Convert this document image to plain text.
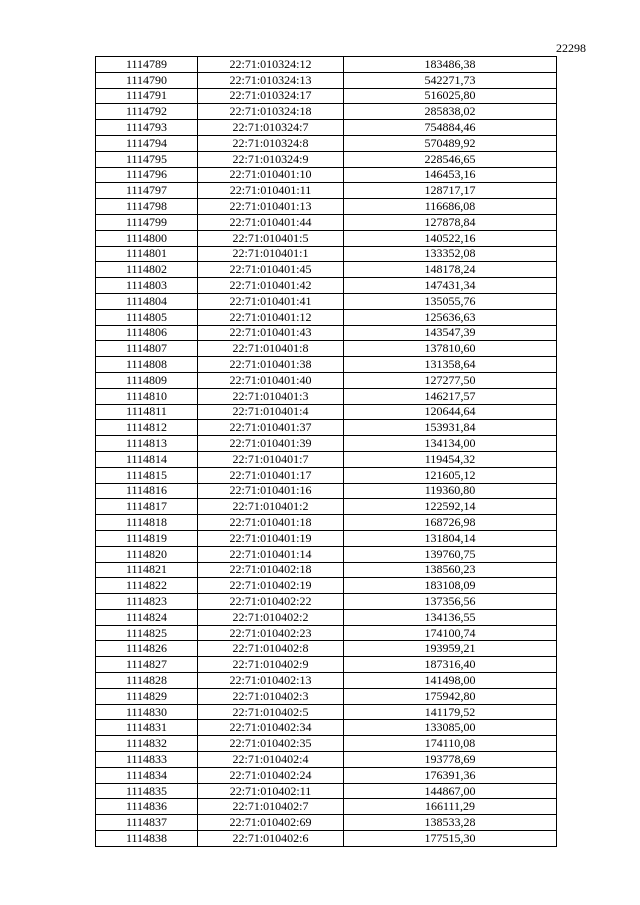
22298
1114789	22:71:010324:12	183486,38
1114790	22:71:010324:13	542271,73
1114791	22:71:010324:17	516025,80
1114792	22:71:010324:18	285838,02
1114793	22:71:010324:7	754884,46
1114794	22:71:010324:8	570489,92
1114795	22:71:010324:9	228546,65
1114796	22:71:010401:10	146453,16
1114797	22:71:010401:11	128717,17
1114798	22:71:010401:13	116686,08
1114799	22:71:010401:44	127878,84
1114800	22:71:010401:5	140522,16
1114801	22:71:010401:1	133352,08
1114802	22:71:010401:45	148178,24
1114803	22:71:010401:42	147431,34
1114804	22:71:010401:41	135055,76
1114805	22:71:010401:12	125636,63
1114806	22:71:010401:43	143547,39
1114807	22:71:010401:8	137810,60
1114808	22:71:010401:38	131358,64
1114809	22:71:010401:40	127277,50
1114810	22:71:010401:3	146217,57
1114811	22:71:010401:4	120644,64
1114812	22:71:010401:37	153931,84
1114813	22:71:010401:39	134134,00
1114814	22:71:010401:7	119454,32
1114815	22:71:010401:17	121605,12
1114816	22:71:010401:16	119360,80
1114817	22:71:010401:2	122592,14
1114818	22:71:010401:18	168726,98
1114819	22:71:010401:19	131804,14
1114820	22:71:010401:14	139760,75
1114821	22:71:010402:18	138560,23
1114822	22:71:010402:19	183108,09
1114823	22:71:010402:22	137356,56
1114824	22:71:010402:2	134136,55
1114825	22:71:010402:23	174100,74
1114826	22:71:010402:8	193959,21
1114827	22:71:010402:9	187316,40
1114828	22:71:010402:13	141498,00
1114829	22:71:010402:3	175942,80
1114830	22:71:010402:5	141179,52
1114831	22:71:010402:34	133085,00
1114832	22:71:010402:35	174110,08
1114833	22:71:010402:4	193778,69
1114834	22:71:010402:24	176391,36
1114835	22:71:010402:11	144867,00
1114836	22:71:010402:7	166111,29
1114837	22:71:010402:69	138533,28
1114838	22:71:010402:6	177515,30
